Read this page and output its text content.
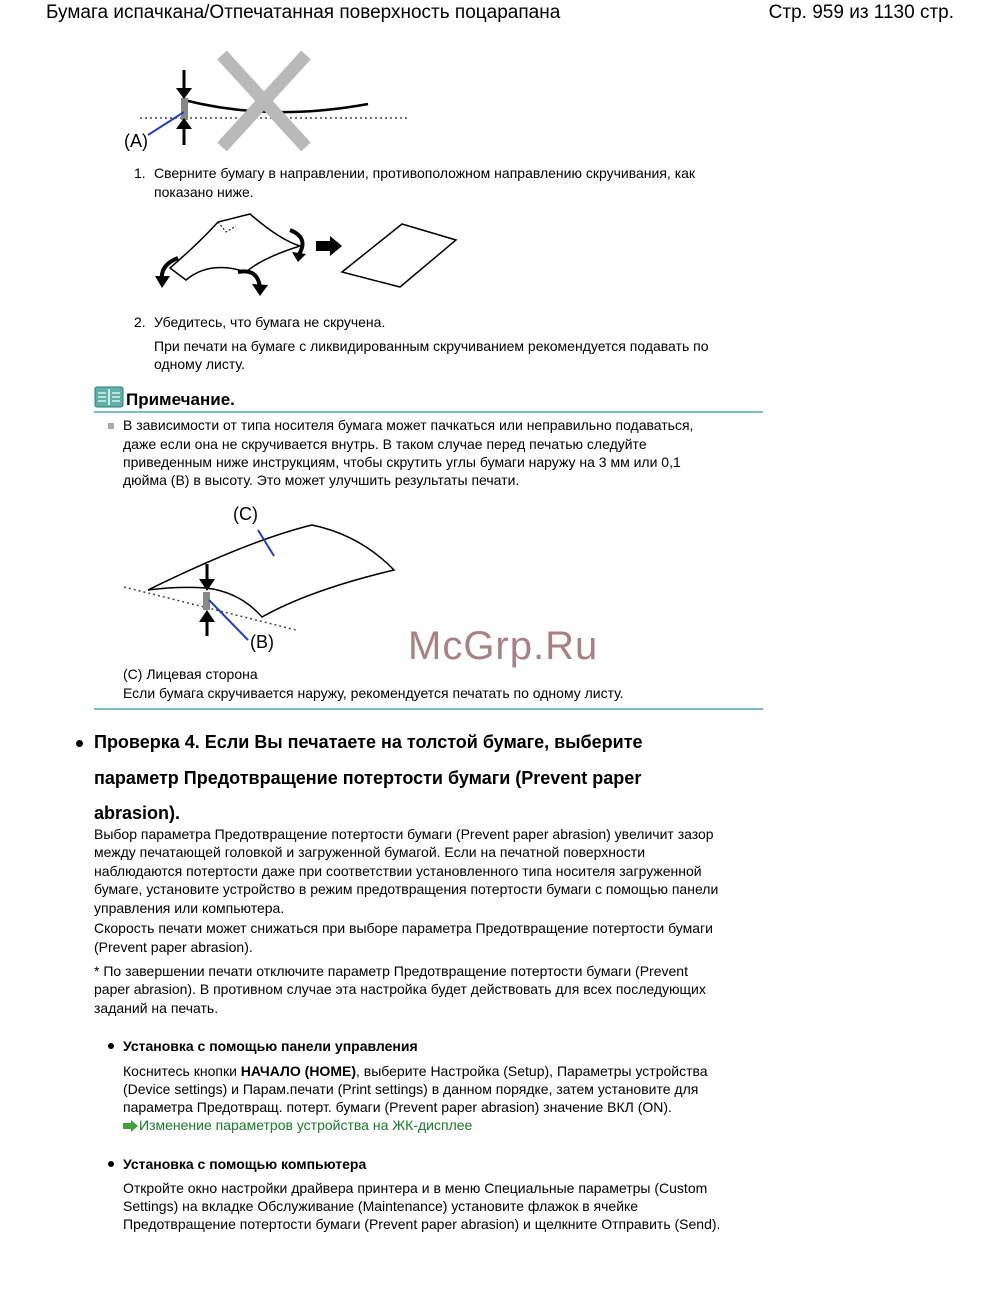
Бумага испачкана/Отпечатанная поверхность поцарапана	Стр. 959 из 1130 стр.
(A)
1. Сверните бумагу в направлении, противоположном направлению скручивания, как
показано ниже.
2. Убедитесь, что бумага не скручена.
При печати на бумаге с ликвидированным скручиванием рекомендуется подавать по
одному листу.
Примечание.
В зависимости от типа носителя бумага может пачкаться или неправильно подаваться,
даже если она не скручивается внутрь. В таком случае перед печатью следуйте
приведенным ниже инструкциям, чтобы скрутить углы бумаги наружу на 3 мм или 0,1
дюйма (B) в высоту. Это может улучшить результаты печати.
(C)
(B)	McGrp.Ru
(C) Лицевая сторона
Если бумага скручивается наружу, рекомендуется печатать по одному листу.
Проверка 4. Если Вы печатаете на толстой бумаге, выберите
параметр Предотвращение потертости бумаги (Prevent paper
abrasion).
Выбор параметра Предотвращение потертости бумаги (Prevent paper abrasion) увеличит зазор
между печатающей головкой и загруженной бумагой. Если на печатной поверхности
наблюдаются потертости даже при соответствии установленного типа носителя загруженной
бумаге, установите устройство в режим предотвращения потертости бумаги с помощью панели
управления или компьютера.
Скорость печати может снижаться при выборе параметра Предотвращение потертости бумаги
(Prevent paper abrasion).
* По завершении печати отключите параметр Предотвращение потертости бумаги (Prevent
paper abrasion). В противном случае эта настройка будет действовать для всех последующих
заданий на печать.
Установка с помощью панели управления
Коснитесь кнопки НАЧАЛО (HOME), выберите Настройка (Setup), Параметры устройства
(Device settings) и Парам.печати (Print settings) в данном порядке, затем установите для
параметра Предотвращ. потерт. бумаги (Prevent paper abrasion) значение ВКЛ (ON).
Изменение параметров устройства на ЖК-дисплее
Установка с помощью компьютера
Откройте окно настройки драйвера принтера и в меню Специальные параметры (Custom
Settings) на вкладке Обслуживание (Maintenance) установите флажок в ячейке
Предотвращение потертости бумаги (Prevent paper abrasion) и щелкните Отправить (Send).
